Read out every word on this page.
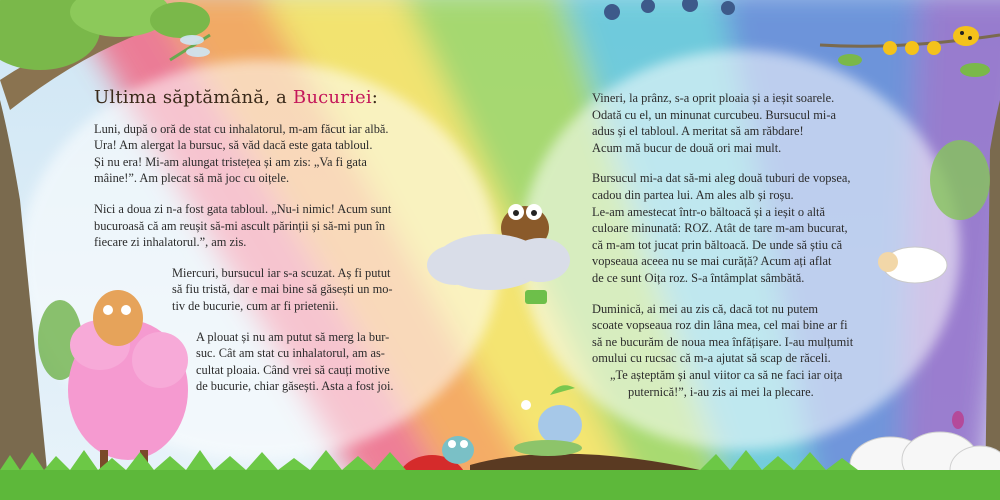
Ultima săptămână, a Bucuriei:

Luni, după o oră de stat cu inhalatorul, m-am făcut iar albă.

Ura! Am alergat la bursuc, să văd dacă este gata tabloul.

Și nu era! Mi-am alungat tristețea și am zis: „Va fi gata

mâine!”. Am plecat să mă joc cu oițele.

Nici a doua zi n-a fost gata tabloul. „Nu-i nimic! Acum sunt

bucuroasă că am reușit să-mi ascult părinții și să-mi pun în

fiecare zi inhalatorul.”, am zis.

Miercuri, bursucul iar s-a scuzat. Aș fi putut

să fiu tristă, dar e mai bine să găsești un mo-

tiv de bucurie, cum ar fi prietenii.

A plouat și nu am putut să merg la bur-

suc. Cât am stat cu inhalatorul, am as-

cultat ploaia. Când vrei să cauți motive

de bucurie, chiar găsești. Asta a fost joi.

Vineri, la prânz, s-a oprit ploaia și a ieșit soarele.

Odată cu el, un minunat curcubeu. Bursucul mi-a

adus și el tabloul. A meritat să am răbdare!

Acum mă bucur de două ori mai mult.

Bursucul mi-a dat să-mi aleg două tuburi de vopsea,

cadou din partea lui. Am ales alb și roșu.

Le-am amestecat într-o băltoacă și a ieșit o altă

culoare minunată: ROZ. Atât de tare m-am bucurat,

că m-am tot jucat prin băltoacă. De unde să știu că

vopseaua aceea nu se mai curăță? Acum ați aflat

de ce sunt Oița roz. S-a întâmplat sâmbătă.

Duminică, ai mei au zis că, dacă tot nu putem

scoate vopseaua roz din lâna mea, cel mai bine ar fi

să ne bucurăm de noua mea înfățișare. I-au mulțumit

omului cu rucsac că m-a ajutat să scap de răceli.

„Te așteptăm și anul viitor ca să ne faci iar oița

puternică!”, i-au zis ai mei la plecare.
